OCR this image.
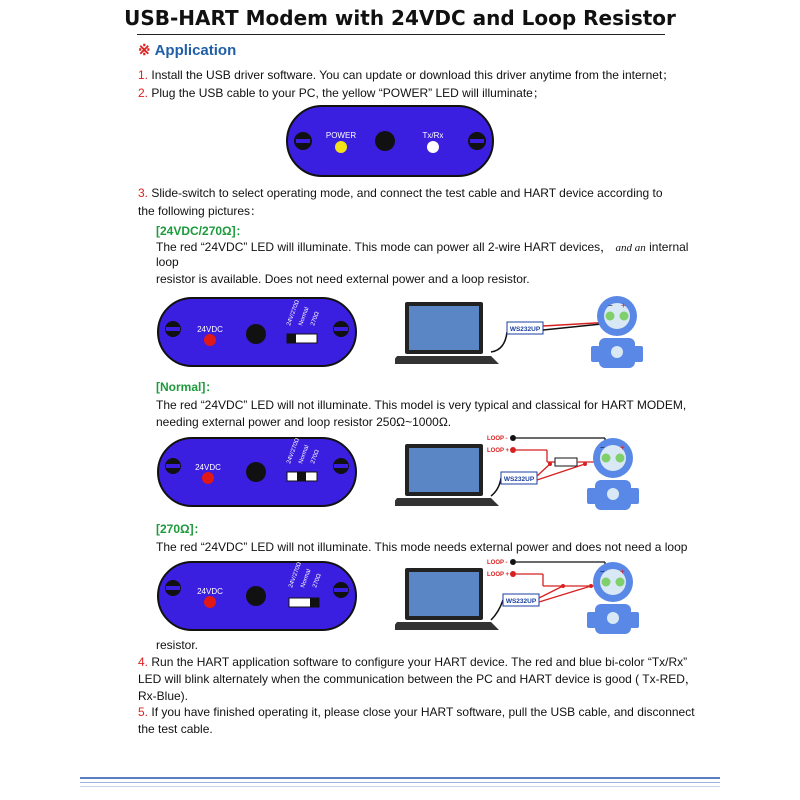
USB-HART Modem with 24VDC and Loop Resistor
※ Application
1. Install the USB driver software. You can update or download this driver anytime from the internet；
2. Plug the USB cable to your PC, the yellow “POWER” LED will illuminate；
POWER	Tx/Rx
3. Slide-switch to select operating mode, and connect the test cable and HART device according to
the following pictures：
[24VDC/270Ω]：
The red “24VDC” LED will illuminate. This mode can power all 2-wire HART devices， and an internal
loop
resistor is available. Does not need external power and a loop resistor.
24VDC
24V/270Ω
Normal 270Ω
WS232UP
− +
[Normal]：
The red “24VDC” LED will not illuminate. This model is very typical and classical for HART MODEM,
needing external power and loop resistor 250Ω~1000Ω.
24VDC
24V/270Ω
Normal 270Ω
LOOP -
LOOP +
WS232UP
− +
[270Ω]：
The red “24VDC” LED will not illuminate. This mode needs external power and does not need a loop
24VDC
24V/270Ω
Normal 270Ω
LOOP -
LOOP +
WS232UP
− +
resistor.
4. Run the HART application software to configure your HART device. The red and blue bi-color “Tx/Rx”
LED will blink alternately when the communication between the PC and HART device is good ( Tx-RED，
Rx-Blue).
5. If you have finished operating it, please close your HART software, pull the USB cable, and disconnect
the test cable.
